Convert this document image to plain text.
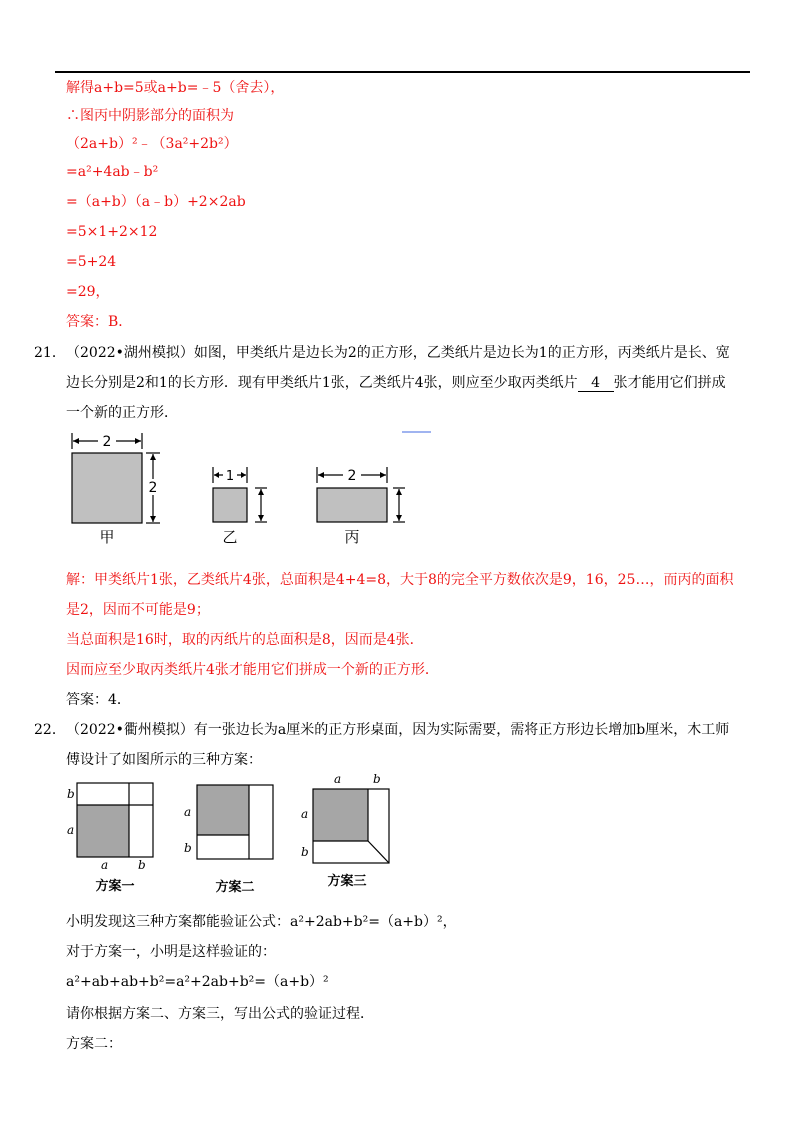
解得a+b=5或a+b=﹣5（舍去），
∴图丙中阴影部分的面积为
（2a+b）²﹣（3a²+2b²）
=a²+4ab﹣b²
=（a+b）（a﹣b）+2×2ab
=5×1+2×12
=5+24
=29，
答案：B．
21． （2022•湖州模拟）如图，甲类纸片是边长为2的正方形，乙类纸片是边长为1的正方形，丙类纸片是长、宽
边长分别是2和1的长方形．现有甲类纸片1张，乙类纸片4张，则应至少取丙类纸片 4 张才能用它们拼成
一个新的正方形．
2
2
甲
1
乙
2
丙
解：甲类纸片1张，乙类纸片4张，总面积是4+4=8，大于8的完全平方数依次是9，16，25…，而丙的面积
是2，因而不可能是9；
当总面积是16时，取的丙纸片的总面积是8，因而是4张．
因而应至少取丙类纸片4张才能用它们拼成一个新的正方形．
答案：4．
22． （2022•衢州模拟）有一张边长为a厘米的正方形桌面，因为实际需要，需将正方形边长增加b厘米，木工师
傅设计了如图所示的三种方案：
b
a
a b
方案一
a
b
方案二
a	b
a
b
方案三
小明发现这三种方案都能验证公式：a²+2ab+b²=（a+b）²，
对于方案一，小明是这样验证的：
a²+ab+ab+b²=a²+2ab+b²=（a+b）²
请你根据方案二、方案三，写出公式的验证过程．
方案二：
